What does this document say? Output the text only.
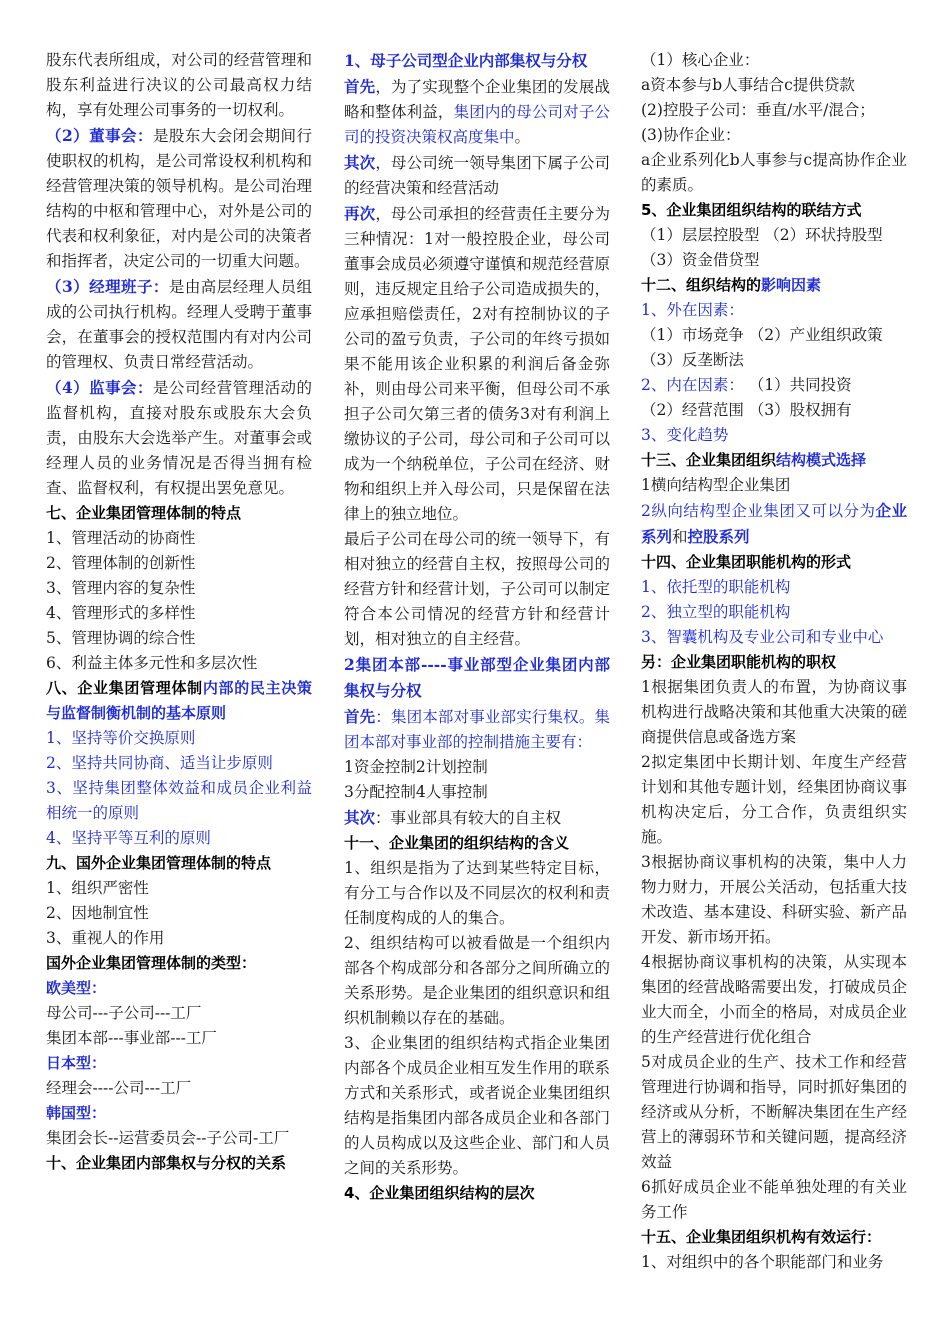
股东代表所组成，对公司的经营管理和股东利益进行决议的公司最高权力结构，享有处理公司事务的一切权利。

（2）董事会：是股东大会闭会期间行使职权的机构，是公司常设权利机构和经营管理决策的领导机构。是公司治理结构的中枢和管理中心，对外是公司的代表和权利象征，对内是公司的决策者和指挥者，决定公司的一切重大问题。

（3）经理班子：是由高层经理人员组成的公司执行机构。经理人受聘于董事会，在董事会的授权范围内有对内公司的管理权、负责日常经营活动。

（4）监事会：是公司经营管理活动的监督机构，直接对股东或股东大会负责，由股东大会选举产生。对董事会或经理人员的业务情况是否得当拥有检查、监督权利，有权提出罢免意见。

七、企业集团管理体制的特点

1、管理活动的协商性

2、管理体制的创新性

3、管理内容的复杂性

4、管理形式的多样性

5、管理协调的综合性

6、利益主体多元性和多层次性

八、企业集团管理体制内部的民主决策与监督制衡机制的基本原则

1、坚持等价交换原则

2、坚持共同协商、适当让步原则

3、坚持集团整体效益和成员企业利益相统一的原则

4、坚持平等互利的原则

九、国外企业集团管理体制的特点

1、组织严密性

2、因地制宜性

3、重视人的作用

国外企业集团管理体制的类型：

欧美型：

母公司---子公司---工厂

集团本部---事业部---工厂

日本型：

经理会----公司---工厂

韩国型：

集团会长--运营委员会--子公司-工厂

十、企业集团内部集权与分权的关系

1、母子公司型企业内部集权与分权

首先，为了实现整个企业集团的发展战略和整体利益，集团内的母公司对子公司的投资决策权高度集中。

其次，母公司统一领导集团下属子公司的经营决策和经营活动

再次，母公司承担的经营责任主要分为三种情况：1对一般控股企业，母公司董事会成员必须遵守谨慎和规范经营原则，违反规定且给子公司造成损失的，应承担赔偿责任，2对有控制协议的子公司的盈亏负责，子公司的年终亏损如果不能用该企业积累的利润后备金弥补，则由母公司来平衡，但母公司不承担子公司欠第三者的债务3对有利润上缴协议的子公司，母公司和子公司可以成为一个纳税单位，子公司在经济、财物和组织上并入母公司，只是保留在法律上的独立地位。

最后子公司在母公司的统一领导下，有相对独立的经营自主权，按照母公司的经营方针和经营计划，子公司可以制定符合本公司情况的经营方针和经营计划，相对独立的自主经营。

2集团本部----事业部型企业集团内部集权与分权

首先：集团本部对事业部实行集权。集团本部对事业部的控制措施主要有：

1资金控制2计划控制

3分配控制4人事控制

其次：事业部具有较大的自主权

十一、企业集团的组织结构的含义

1、组织是指为了达到某些特定目标，有分工与合作以及不同层次的权利和责任制度构成的人的集合。

2、组织结构可以被看做是一个组织内部各个构成部分和各部分之间所确立的关系形势。是企业集团的组织意识和组织机制赖以存在的基础。

3、企业集团的组织结构式指企业集团内部各个成员企业相互发生作用的联系方式和关系形式，或者说企业集团组织结构是指集团内部各成员企业和各部门的人员构成以及这些企业、部门和人员之间的关系形势。

4、企业集团组织结构的层次

（1）核心企业：

a资本参与b人事结合c提供贷款

(2)控股子公司：垂直/水平/混合；

(3)协作企业：

a企业系列化b人事参与c提高协作企业的素质。

5、企业集团组织结构的联结方式

（1）层层控股型 （2）环状持股型

（3）资金借贷型

十二、组织结构的影响因素

1、外在因素：

（1）市场竞争 （2）产业组织政策

（3）反垄断法

2、内在因素： （1）共同投资

（2）经营范围 （3）股权拥有

3、变化趋势

十三、企业集团组织结构模式选择

1横向结构型企业集团

2纵向结构型企业集团又可以分为企业系列和控股系列

十四、企业集团职能机构的形式

1、依托型的职能机构

2、独立型的职能机构

3、智囊机构及专业公司和专业中心

另：企业集团职能机构的职权

1根据集团负责人的布置，为协商议事机构进行战略决策和其他重大决策的磋商提供信息或备选方案

2拟定集团中长期计划、年度生产经营计划和其他专题计划，经集团协商议事机构决定后，分工合作，负责组织实施。

3根据协商议事机构的决策，集中人力物力财力，开展公关活动，包括重大技术改造、基本建设、科研实验、新产品开发、新市场开拓。

4根据协商议事机构的决策，从实现本集团的经营战略需要出发，打破成员企业大而全，小而全的格局，对成员企业的生产经营进行优化组合

5对成员企业的生产、技术工作和经营管理进行协调和指导，同时抓好集团的经济或从分析，不断解决集团在生产经营上的薄弱环节和关键问题，提高经济效益

6抓好成员企业不能单独处理的有关业务工作

十五、企业集团组织机构有效运行：

1、对组织中的各个职能部门和业务
